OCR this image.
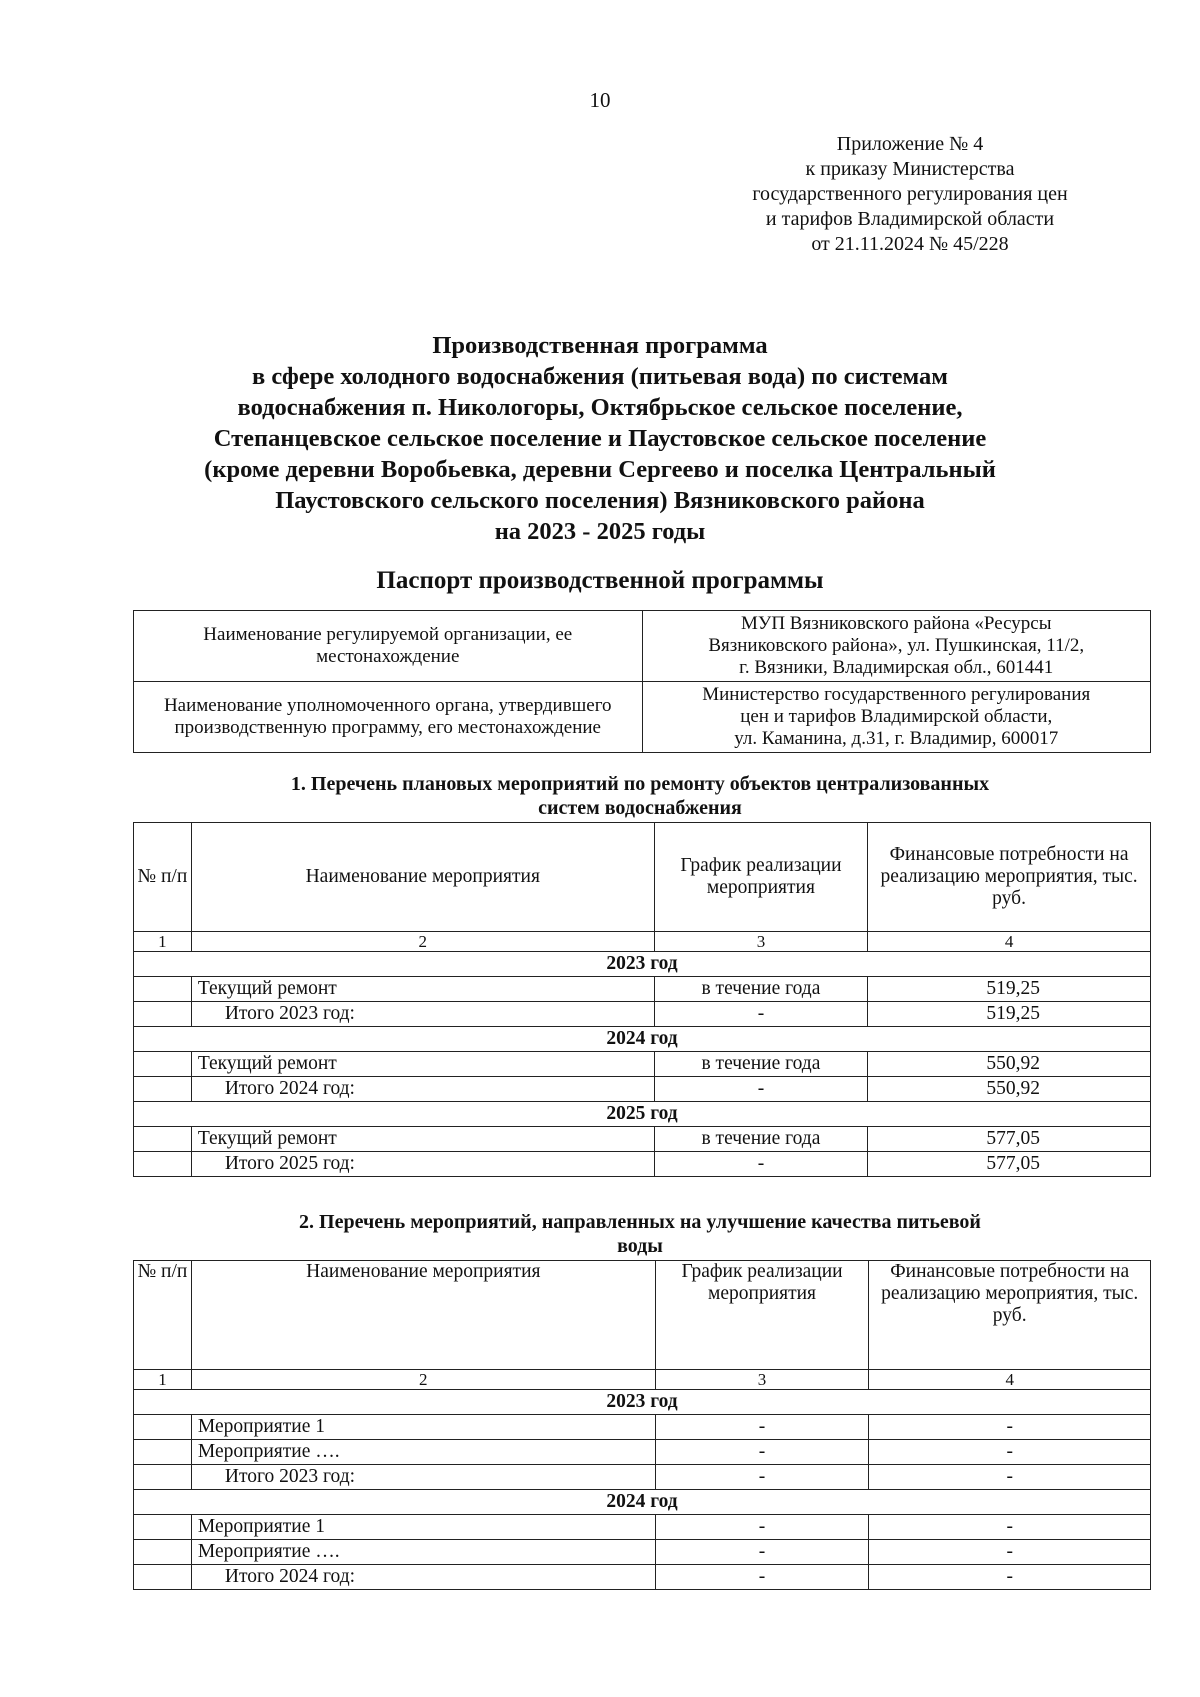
10
Приложение № 4
к приказу Министерства
государственного регулирования цен
и тарифов Владимирской области
от 21.11.2024 № 45/228
Производственная программа
в сфере холодного водоснабжения (питьевая вода) по системам
водоснабжения п. Никологоры, Октябрьское сельское поселение,
Степанцевское сельское поселение и Паустовское сельское поселение
(кроме деревни Воробьевка, деревни Сергеево и поселка Центральный
Паустовского сельского поселения) Вязниковского района
на 2023 - 2025 годы
Паспорт производственной программы
Наименование регулируемой организации, ее местонахождение	МУП Вязниковского района «Ресурсы
Вязниковского района», ул. Пушкинская, 11/2,
г. Вязники, Владимирская обл., 601441

Наименование уполномоченного органа, утвердившего производственную программу, его местонахождение	Министерство государственного регулирования
цен и тарифов Владимирской области,
ул. Каманина, д.31, г. Владимир, 600017
1. Перечень плановых мероприятий по ремонту объектов централизованных
систем водоснабжения
№ п/п	Наименование мероприятия	График реализации мероприятия	Финансовые потребности на реализацию мероприятия, тыс. руб.
1	2	3	4
2023 год			
	Текущий ремонт	в течение года	519,25
	Итого 2023 год:	-	519,25
2024 год			
	Текущий ремонт	в течение года	550,92
	Итого 2024 год:	-	550,92
2025 год			
	Текущий ремонт	в течение года	577,05
	Итого 2025 год:	-	577,05
2. Перечень мероприятий, направленных на улучшение качества питьевой
воды
№ п/п	Наименование мероприятия	График реализации мероприятия	Финансовые потребности на реализацию мероприятия, тыс. руб.
1	2	3	4
2023 год			
	Мероприятие 1	-	-
	Мероприятие ….	-	-
	Итого 2023 год:	-	-
2024 год			
	Мероприятие 1	-	-
	Мероприятие ….	-	-
	Итого 2024 год:	-	-
